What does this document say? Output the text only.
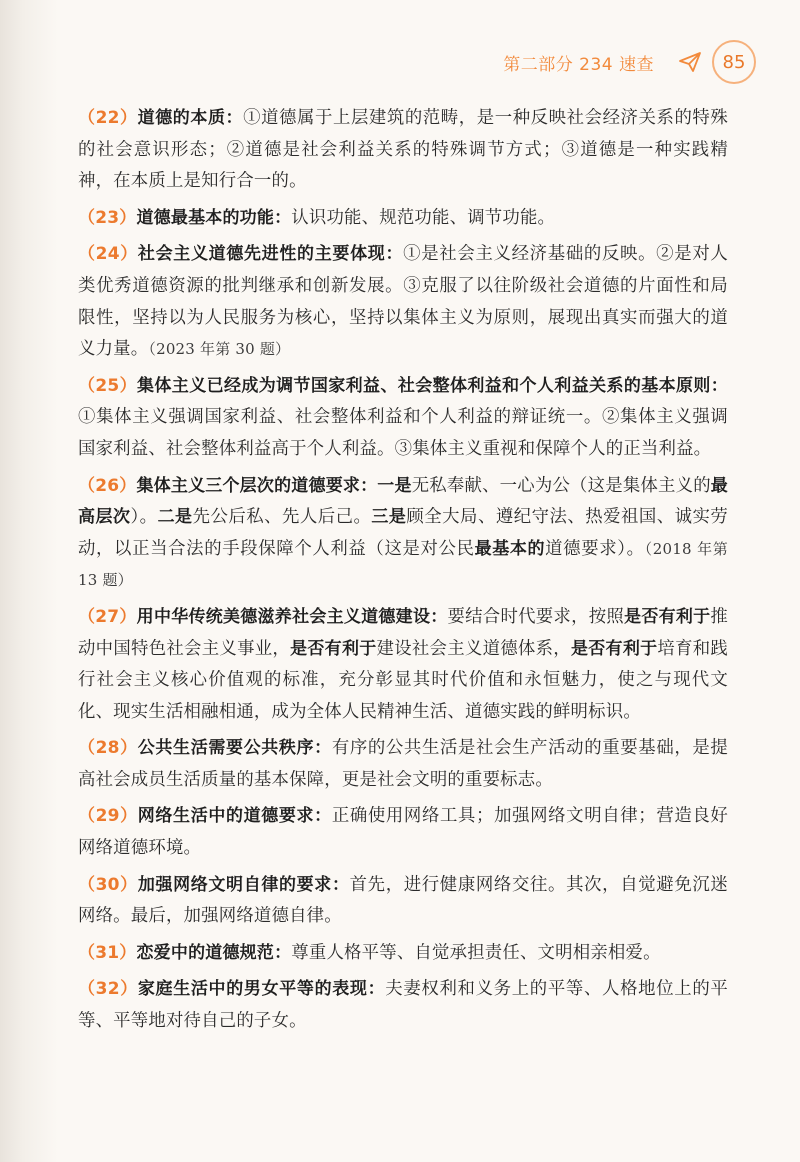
第二部分 234 速查	85

（22）道德的本质：①道德属于上层建筑的范畴，是一种反映社会经济关系的特殊的社会意识形态；②道德是社会利益关系的特殊调节方式；③道德是一种实践精神，在本质上是知行合一的。

（23）道德最基本的功能：认识功能、规范功能、调节功能。

（24）社会主义道德先进性的主要体现：①是社会主义经济基础的反映。②是对人类优秀道德资源的批判继承和创新发展。③克服了以往阶级社会道德的片面性和局限性，坚持以为人民服务为核心，坚持以集体主义为原则，展现出真实而强大的道义力量。（2023 年第 30 题）

（25）集体主义已经成为调节国家利益、社会整体利益和个人利益关系的基本原则：①集体主义强调国家利益、社会整体利益和个人利益的辩证统一。②集体主义强调国家利益、社会整体利益高于个人利益。③集体主义重视和保障个人的正当利益。

（26）集体主义三个层次的道德要求：一是无私奉献、一心为公（这是集体主义的最高层次）。二是先公后私、先人后己。三是顾全大局、遵纪守法、热爱祖国、诚实劳动，以正当合法的手段保障个人利益（这是对公民最基本的道德要求）。（2018 年第 13 题）

（27）用中华传统美德滋养社会主义道德建设：要结合时代要求，按照是否有利于推动中国特色社会主义事业，是否有利于建设社会主义道德体系，是否有利于培育和践行社会主义核心价值观的标准，充分彰显其时代价值和永恒魅力，使之与现代文化、现实生活相融相通，成为全体人民精神生活、道德实践的鲜明标识。

（28）公共生活需要公共秩序：有序的公共生活是社会生产活动的重要基础，是提高社会成员生活质量的基本保障，更是社会文明的重要标志。

（29）网络生活中的道德要求：正确使用网络工具；加强网络文明自律；营造良好网络道德环境。

（30）加强网络文明自律的要求：首先，进行健康网络交往。其次，自觉避免沉迷网络。最后，加强网络道德自律。

（31）恋爱中的道德规范：尊重人格平等、自觉承担责任、文明相亲相爱。

（32）家庭生活中的男女平等的表现：夫妻权利和义务上的平等、人格地位上的平等、平等地对待自己的子女。
